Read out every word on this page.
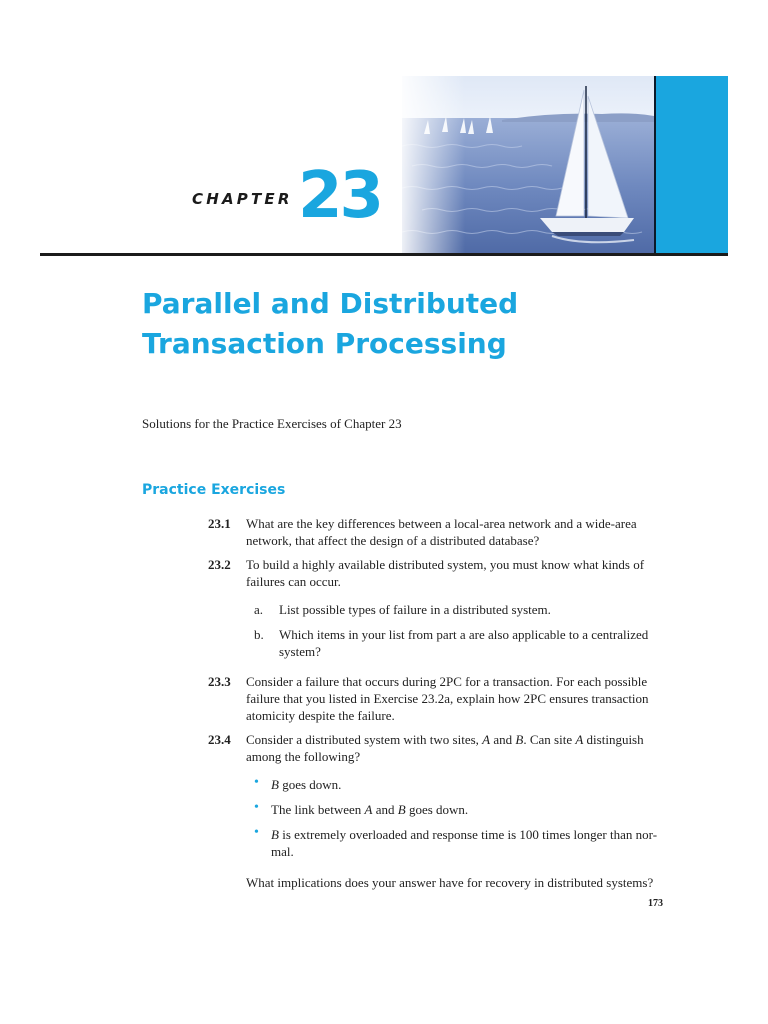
CHAPTER 23
Parallel and Distributed
Transaction Processing
Solutions for the Practice Exercises of Chapter 23
Practice Exercises
23.1 What are the key differences between a local-area network and a wide-area
network, that affect the design of a distributed database?
23.2 To build a highly available distributed system, you must know what kinds of
failures can occur.
a. List possible types of failure in a distributed system.
b. Which items in your list from part a are also applicable to a centralized
system?
23.3 Consider a failure that occurs during 2PC for a transaction. For each possible
failure that you listed in Exercise 23.2a, explain how 2PC ensures transaction
atomicity despite the failure.
23.4 Consider a distributed system with two sites, A and B. Can site A distinguish
among the following?
• B goes down.
• The link between A and B goes down.
• B is extremely overloaded and response time is 100 times longer than nor-
mal.
What implications does your answer have for recovery in distributed systems?
173
